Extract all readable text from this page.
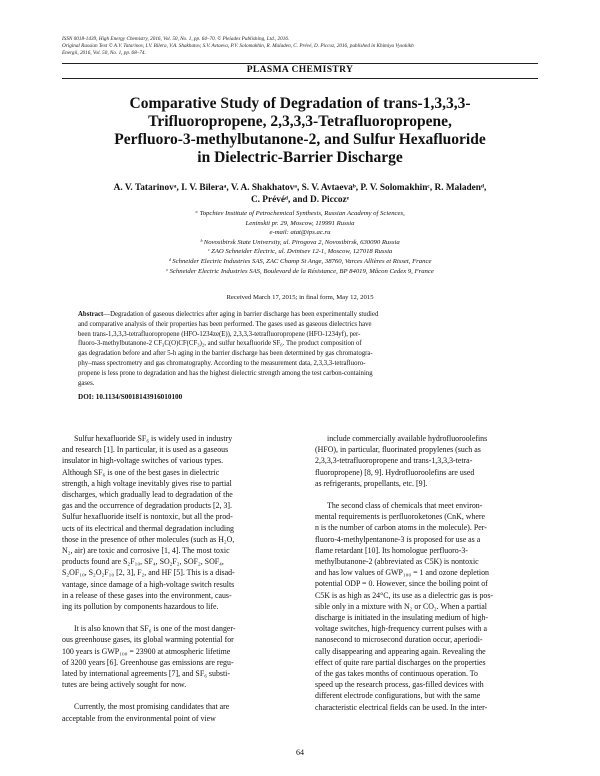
ISSN 0018-1439, High Energy Chemistry, 2016, Vol. 50, No. 1, pp. 64–70. © Pleiades Publishing, Ltd., 2016.
Original Russian Text © A.V. Tatarinov, I.V. Bilera, V.A. Shakhatov, S.V. Avtaeva, P.V. Solomakhin, R. Maladen, C. Prévé, D. Piccoz, 2016, published in Khimiya Vysokikh
Energii, 2016, Vol. 50, No. 1, pp. 68–74.
PLASMA CHEMISTRY
Comparative Study of Degradation of trans-1,3,3,3-
Trifluoropropene, 2,3,3,3-Tetrafluoropropene,
Perfluoro-3-methylbutanone-2, and Sulfur Hexafluoride
in Dielectric-Barrier Discharge
A. V. Tatarinovᵃ, I. V. Bileraᵃ, V. A. Shakhatovᵃ, S. V. Avtaevaᵇ, P. V. Solomakhinᶜ, R. Maladenᵈ,
C. Prévéᵈ, and D. Piccozᵉ
ᵃ Topchiev Institute of Petrochemical Synthesis, Russian Academy of Sciences,
Leninskii pr. 29, Moscow, 119991 Russia
e-mail: atat@ips.ac.ru
ᵇ Novosibirsk State University, ul. Pirogova 2, Novosibirsk, 630090 Russia
ᶜ ZAO Schneider Electric, ul. Dvintsev 12-1, Moscow, 127018 Russia
ᵈ Schneider Electric Industries SAS, ZAC Champ St Ange, 38760, Varces Allières et Risset, France
ᵉ Schneider Electric Industries SAS, Boulevard de la Résistance, BP 84019, Mâcon Cedex 9, France
Received March 17, 2015; in final form, May 12, 2015
Abstract—Degradation of gaseous dielectrics after aging in barrier discharge has been experimentally studied
and comparative analysis of their properties has been performed. The gases used as gaseous dielectrics have
been trans-1,3,3,3-tetrafluoropropene (HFO-1234ze(E)), 2,3,3,3-tetrafluoropropene (HFO-1234yf), per-
fluoro-3-methylbutanone-2 CF₃C(O)CF(CF₃)₂, and sulfur hexafluoride SF₆. The product composition of
gas degradation before and after 5-h aging in the barrier discharge has been determined by gas chromatogra-
phy–mass spectrometry and gas chromatography. According to the measurement data, 2,3,3,3-tetrafluoro-
propene is less prone to degradation and has the highest dielectric strength among the test carbon-containing
gases.
DOI: 10.1134/S0018143916010100
Sulfur hexafluoride SF₆ is widely used in industry
and research [1]. In particular, it is used as a gaseous
insulator in high-voltage switches of various types.
Although SF₆ is one of the best gases in dielectric
strength, a high voltage inevitably gives rise to partial
discharges, which gradually lead to degradation of the
gas and the occurrence of degradation products [2, 3].
Sulfur hexafluoride itself is nontoxic, but all the prod-
ucts of its electrical and thermal degradation including
those in the presence of other molecules (such as H₂O,
N₂, air) are toxic and corrosive [1, 4]. The most toxic
products found are S₂F₁₀, SF₄, SO₂F₂, SOF₂, SOF₄,
S₂OF₁₀, S₂O₂F₁₀ [2, 3], F₂, and HF [5]. This is a disad-
vantage, since damage of a high-voltage switch results
in a release of these gases into the environment, caus-
ing its pollution by components hazardous to life.
It is also known that SF₆ is one of the most danger-
ous greenhouse gases, its global warming potential for
100 years is GWP₁₀₀ = 23900 at atmospheric lifetime
of 3200 years [6]. Greenhouse gas emissions are regu-
lated by international agreements [7], and SF₆ substi-
tutes are being actively sought for now.
Currently, the most promising candidates that are
acceptable from the environmental point of view
include commercially available hydrofluoroolefins
(HFO), in particular, fluorinated propylenes (such as
2,3,3,3-tetrafluoropropene and trans-1,3,3,3-tetra-
fluoropropene) [8, 9]. Hydrofluoroolefins are used
as refrigerants, propellants, etc. [9].
The second class of chemicals that meet environ-
mental requirements is perfluoroketones (CnK, where
n is the number of carbon atoms in the molecule). Per-
fluoro-4-methylpentanone-3 is proposed for use as a
flame retardant [10]. Its homologue perfluoro-3-
methylbutanone-2 (abbreviated as C5K) is nontoxic
and has low values of GWP₁₀₀ = 1 and ozone depletion
potential ODP = 0. However, since the boiling point of
C5K is as high as 24°C, its use as a dielectric gas is pos-
sible only in a mixture with N₂ or CO₂. When a partial
discharge is initiated in the insulating medium of high-
voltage switches, high-frequency current pulses with a
nanosecond to microsecond duration occur, aperiodi-
cally disappearing and appearing again. Revealing the
effect of quite rare partial discharges on the properties
of the gas takes months of continuous operation. To
speed up the research process, gas-filled devices with
different electrode configurations, but with the same
characteristic electrical fields can be used. In the inter-
64
